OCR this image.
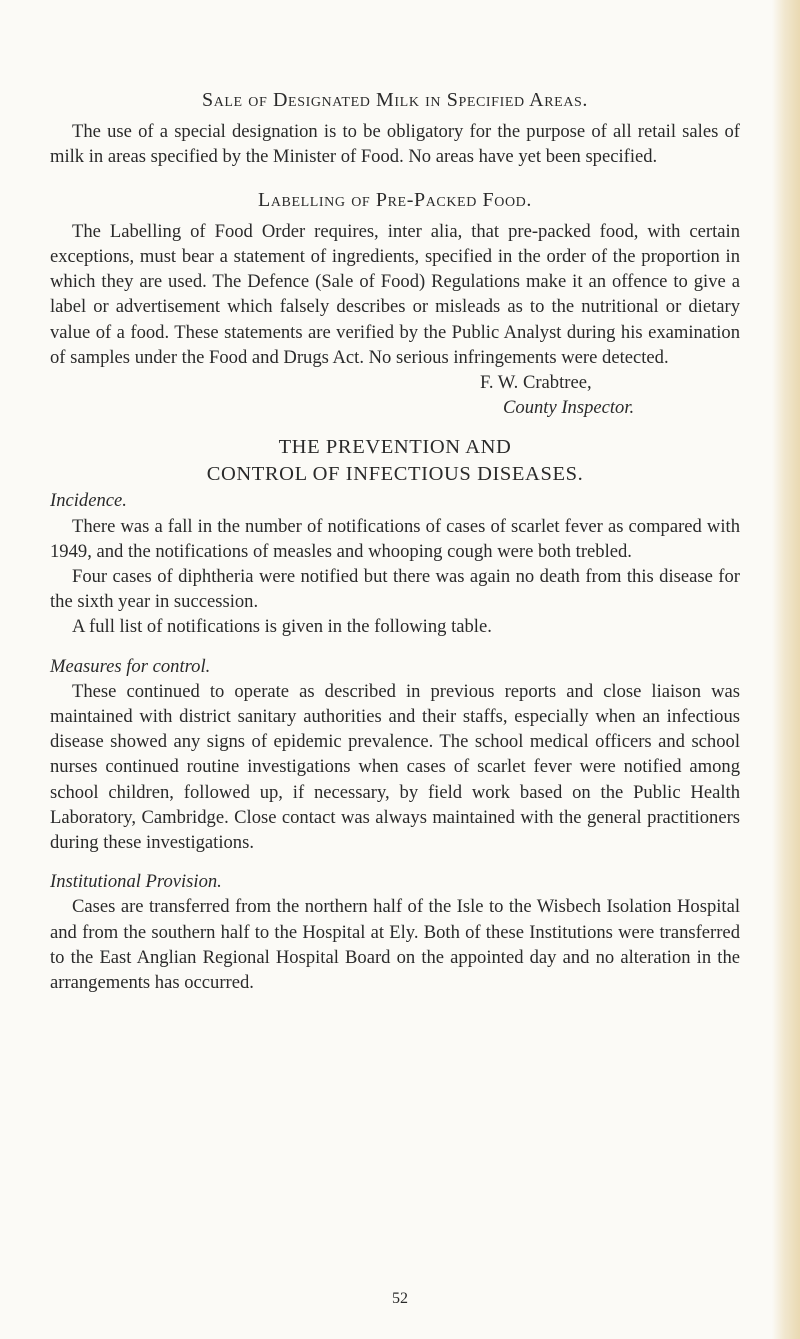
Sale of Designated Milk in Specified Areas.

The use of a special designation is to be obligatory for the purpose of all retail sales of milk in areas specified by the Minister of Food. No areas have yet been specified.

Labelling of Pre-Packed Food.

The Labelling of Food Order requires, inter alia, that pre-packed food, with certain exceptions, must bear a statement of ingredients, specified in the order of the proportion in which they are used. The Defence (Sale of Food) Regulations make it an offence to give a label or advertisement which falsely describes or misleads as to the nutritional or dietary value of a food. These statements are verified by the Public Analyst during his examination of samples under the Food and Drugs Act. No serious infringements were detected.

F. W. Crabtree,

County Inspector.

THE PREVENTION AND

CONTROL OF INFECTIOUS DISEASES.

Incidence.

There was a fall in the number of notifications of cases of scarlet fever as compared with 1949, and the notifications of measles and whooping cough were both trebled.

Four cases of diphtheria were notified but there was again no death from this disease for the sixth year in succession.

A full list of notifications is given in the following table.

Measures for control.

These continued to operate as described in previous reports and close liaison was maintained with district sanitary authorities and their staffs, especially when an infectious disease showed any signs of epidemic prevalence. The school medical officers and school nurses continued routine investigations when cases of scarlet fever were notified among school children, followed up, if necessary, by field work based on the Public Health Laboratory, Cambridge. Close contact was always maintained with the general practitioners during these investigations.

Institutional Provision.

Cases are transferred from the northern half of the Isle to the Wisbech Isolation Hospital and from the southern half to the Hospital at Ely. Both of these Institutions were transferred to the East Anglian Regional Hospital Board on the appointed day and no alteration in the arrangements has occurred.

52
